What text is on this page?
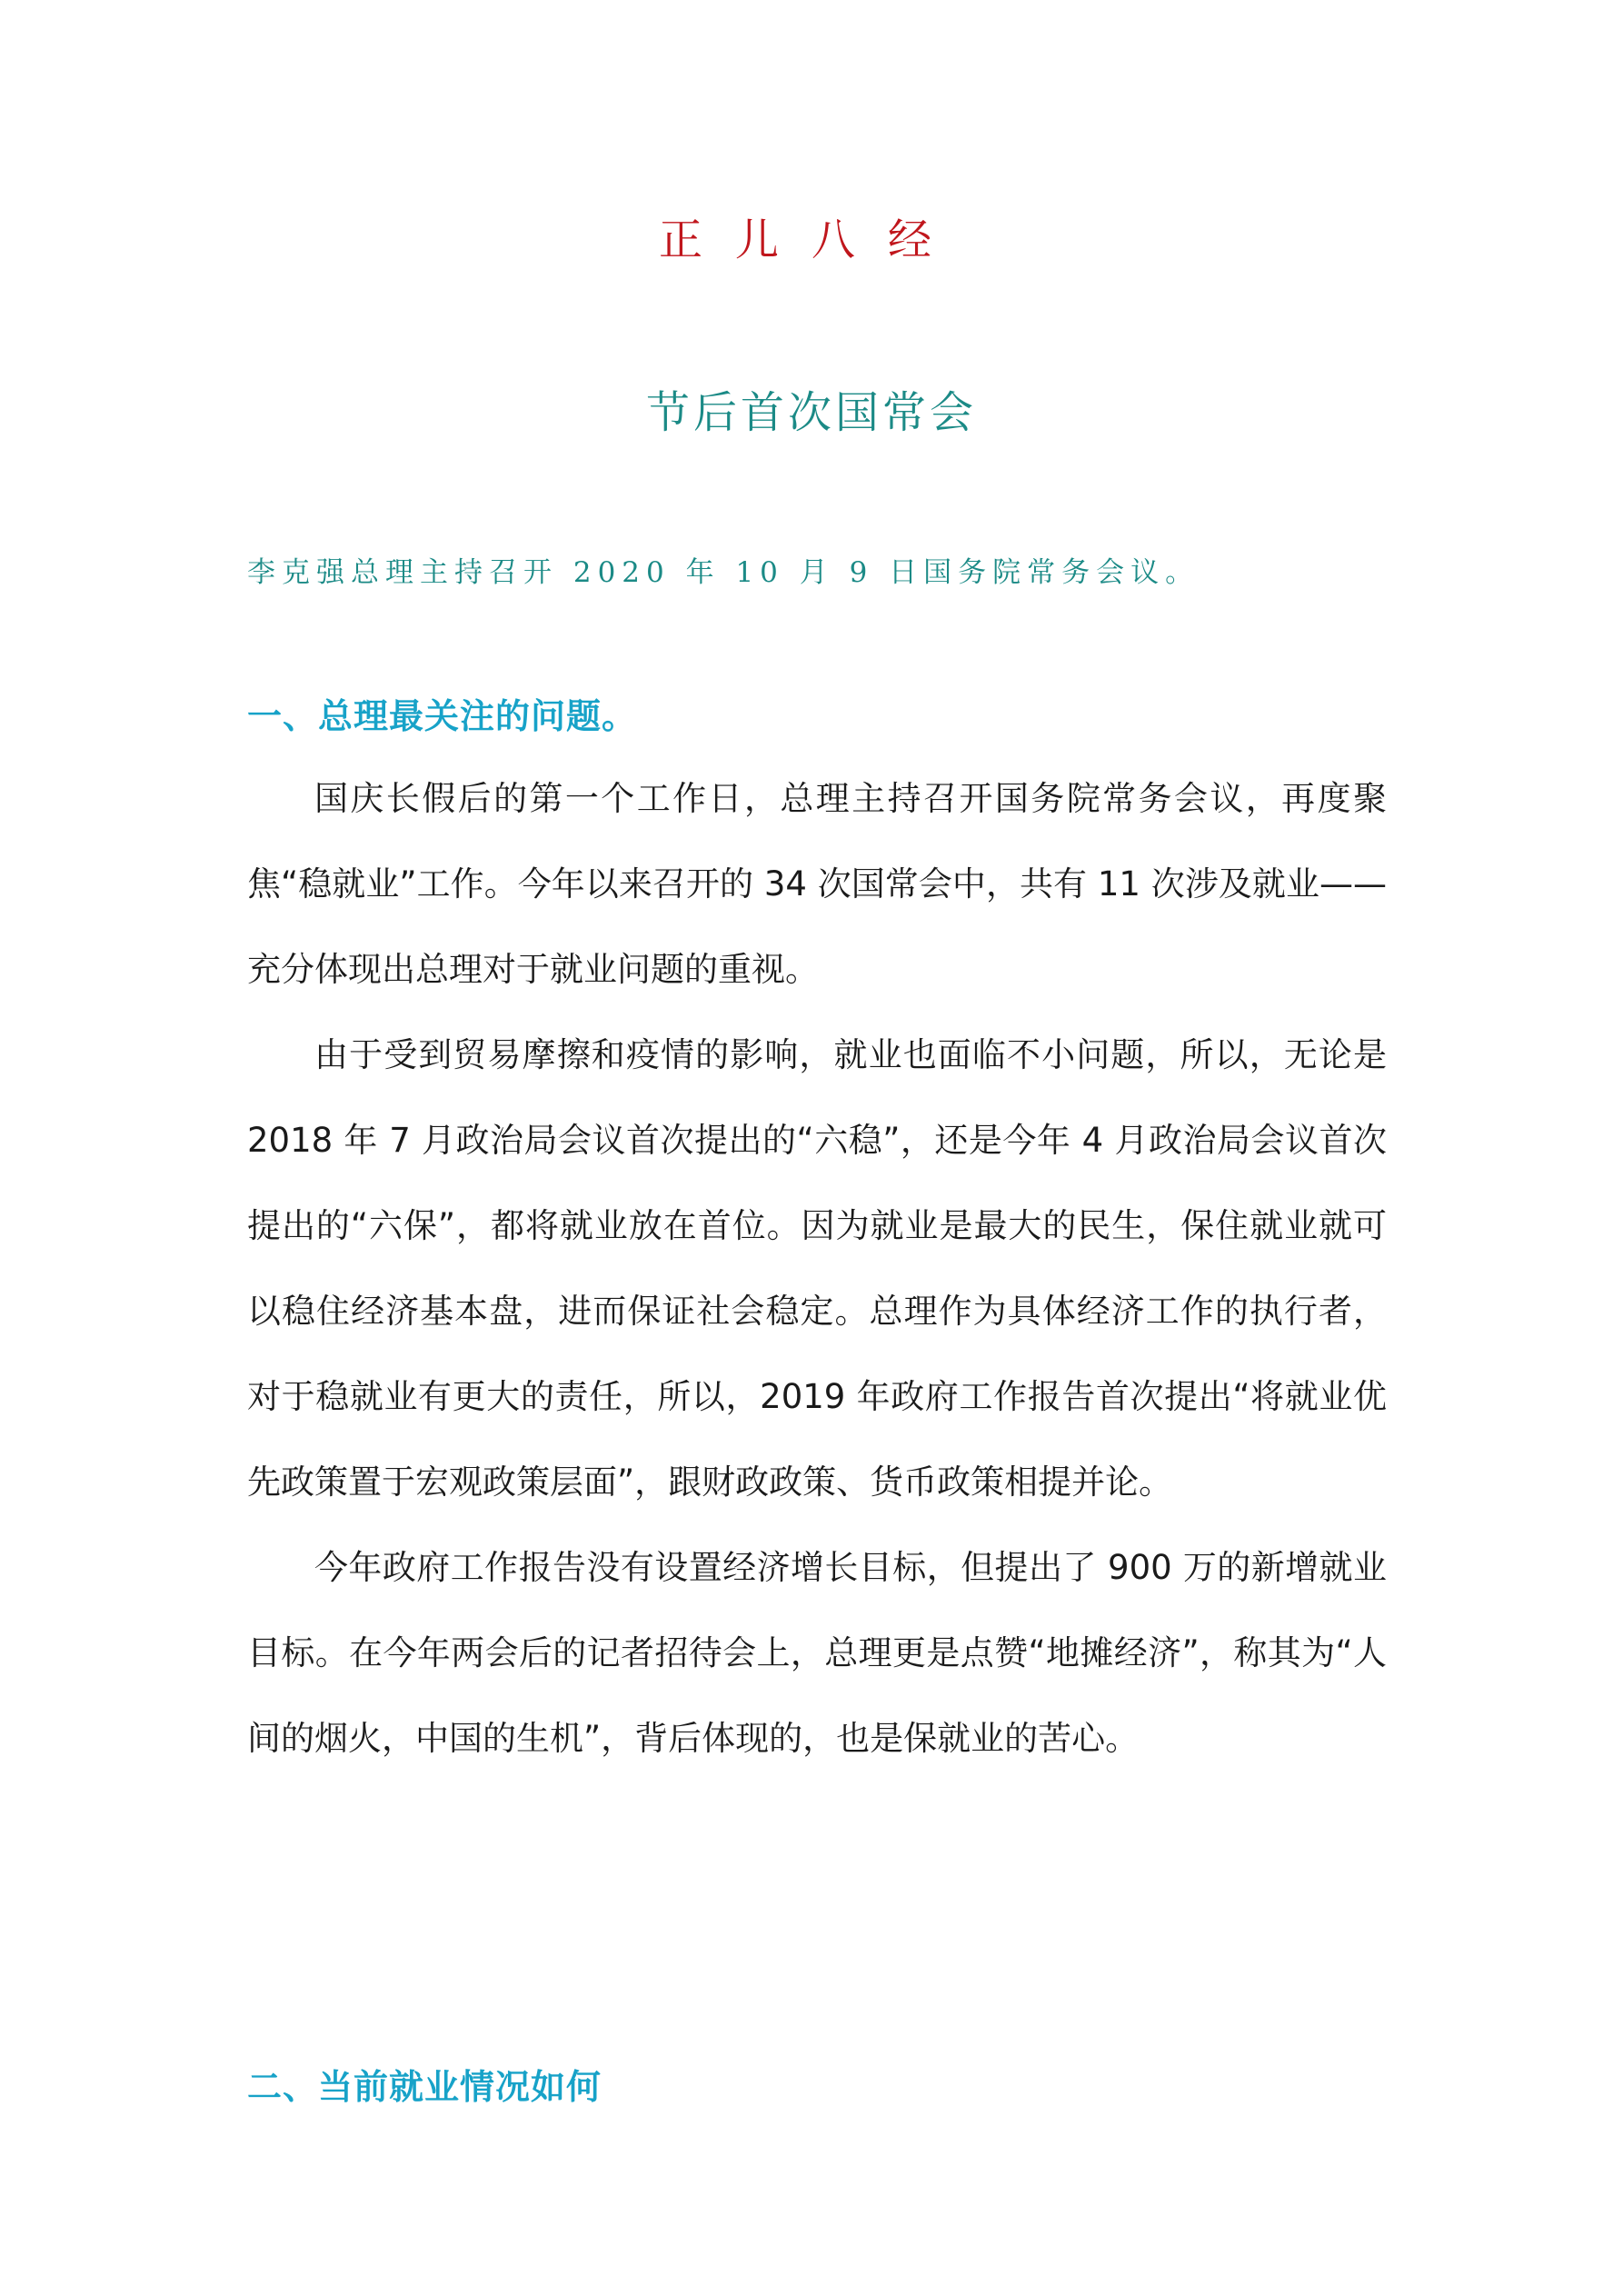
正儿八经
节后首次国常会
李克强总理主持召开 2020 年 10 月 9 日国务院常务会议。
一、总理最关注的问题。

国庆长假后的第一个工作日，总理主持召开国务院常务会议，再度聚焦“稳就业”工作。今年以来召开的 34 次国常会中，共有 11 次涉及就业——充分体现出总理对于就业问题的重视。

由于受到贸易摩擦和疫情的影响，就业也面临不小问题，所以，无论是 2018 年 7 月政治局会议首次提出的“六稳”，还是今年 4 月政治局会议首次提出的“六保”，都将就业放在首位。因为就业是最大的民生，保住就业就可以稳住经济基本盘，进而保证社会稳定。总理作为具体经济工作的执行者，对于稳就业有更大的责任，所以，2019 年政府工作报告首次提出“将就业优先政策置于宏观政策层面”，跟财政政策、货币政策相提并论。

今年政府工作报告没有设置经济增长目标，但提出了 900 万的新增就业目标。在今年两会后的记者招待会上，总理更是点赞“地摊经济”，称其为“人间的烟火，中国的生机”，背后体现的，也是保就业的苦心。

二、当前就业情况如何
